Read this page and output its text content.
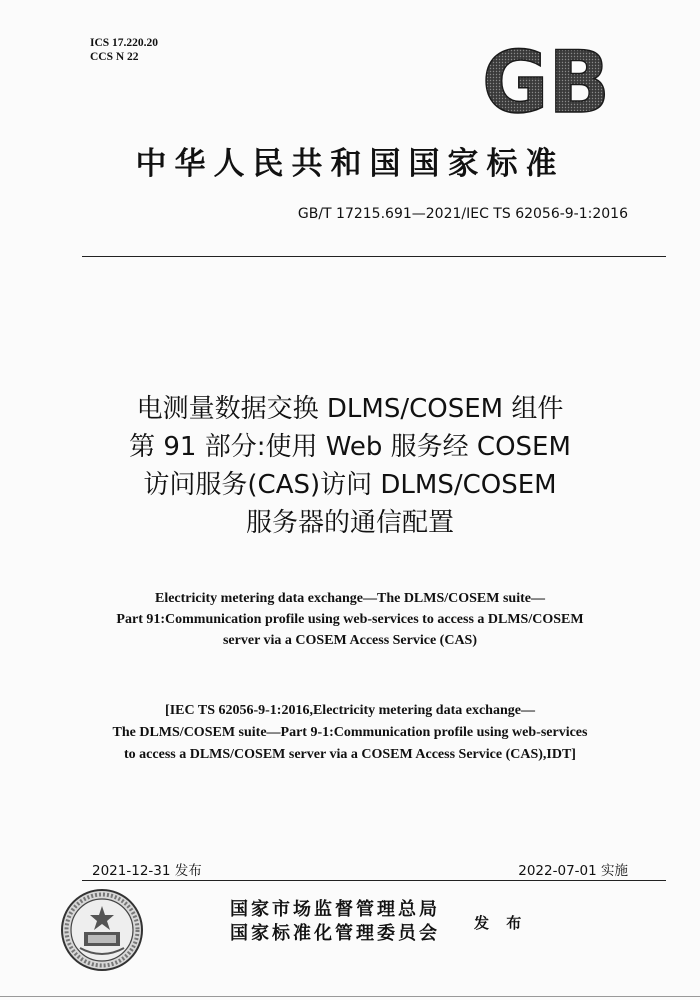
ICS 17.220.20
CCS N 22	GB
中华人民共和国国家标准
GB/T 17215.691—2021/IEC TS 62056-9-1:2016
电测量数据交换 DLMS/COSEM 组件
第 91 部分:使用 Web 服务经 COSEM
访问服务(CAS)访问 DLMS/COSEM
服务器的通信配置
Electricity metering data exchange—The DLMS/COSEM suite—
Part 91:Communication profile using web-services to access a DLMS/COSEM
server via a COSEM Access Service (CAS)
[IEC TS 62056-9-1:2016,Electricity metering data exchange—
The DLMS/COSEM suite—Part 9-1:Communication profile using web-services
to access a DLMS/COSEM server via a COSEM Access Service (CAS),IDT]
2021-12-31 发布	2022-07-01 实施
国家市场监督管理总局
国家标准化管理委员会 发 布
